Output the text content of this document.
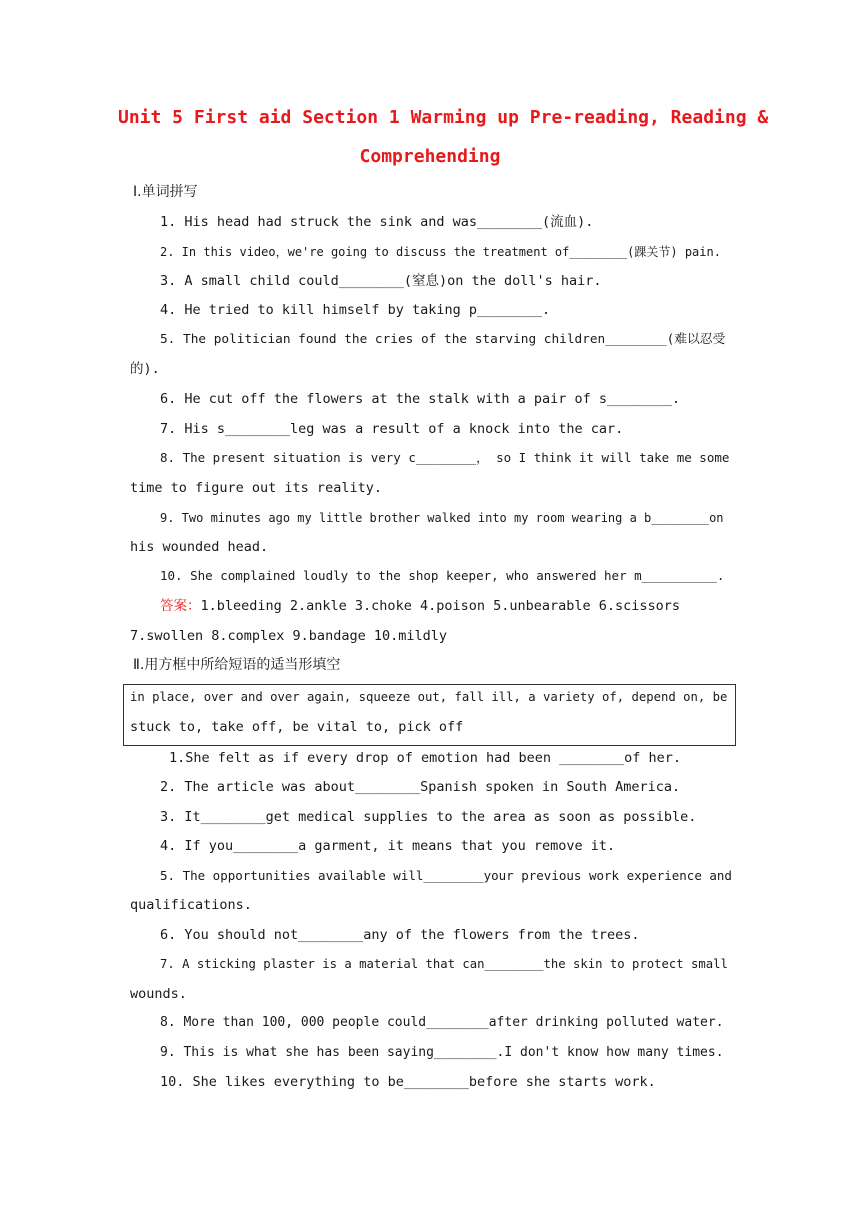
Unit 5 First aid Section 1 Warming up Pre-reading, Reading &
Comprehending
Ⅰ.单词拼写
1. His head had struck the sink and was________(流血).
2. In this video，we're going to discuss the treatment of________(踝关节) pain.
3. A small child could________(窒息)on the doll's hair.
4. He tried to kill himself by taking p________.
5. The politician found the cries of the starving children________(难以忍受
的).
6. He cut off the flowers at the stalk with a pair of s________.
7. His s________leg was a result of a knock into the car.
8. The present situation is very c________， so I think it will take me some
time to figure out its reality.
9. Two minutes ago my little brother walked into my room wearing a b________on
his wounded head.
10. She complained loudly to the shop keeper, who answered her m__________.
答案：1.bleeding 2.ankle 3.choke 4.poison 5.unbearable 6.scissors
7.swollen 8.complex 9.bandage 10.mildly
Ⅱ.用方框中所给短语的适当形填空
in place, over and over again, squeeze out, fall ill, a variety of, depend on, be
stuck to, take off, be vital to, pick off
1.She felt as if every drop of emotion had been ________of her.
2. The article was about________Spanish spoken in South America.
3. It________get medical supplies to the area as soon as possible.
4. If you________a garment, it means that you remove it.
5. The opportunities available will________your previous work experience and
qualifications.
6. You should not________any of the flowers from the trees.
7. A sticking plaster is a material that can________the skin to protect small
wounds.
8. More than 100, 000 people could________after drinking polluted water.
9. This is what she has been saying________.I don't know how many times.
10. She likes everything to be________before she starts work.
